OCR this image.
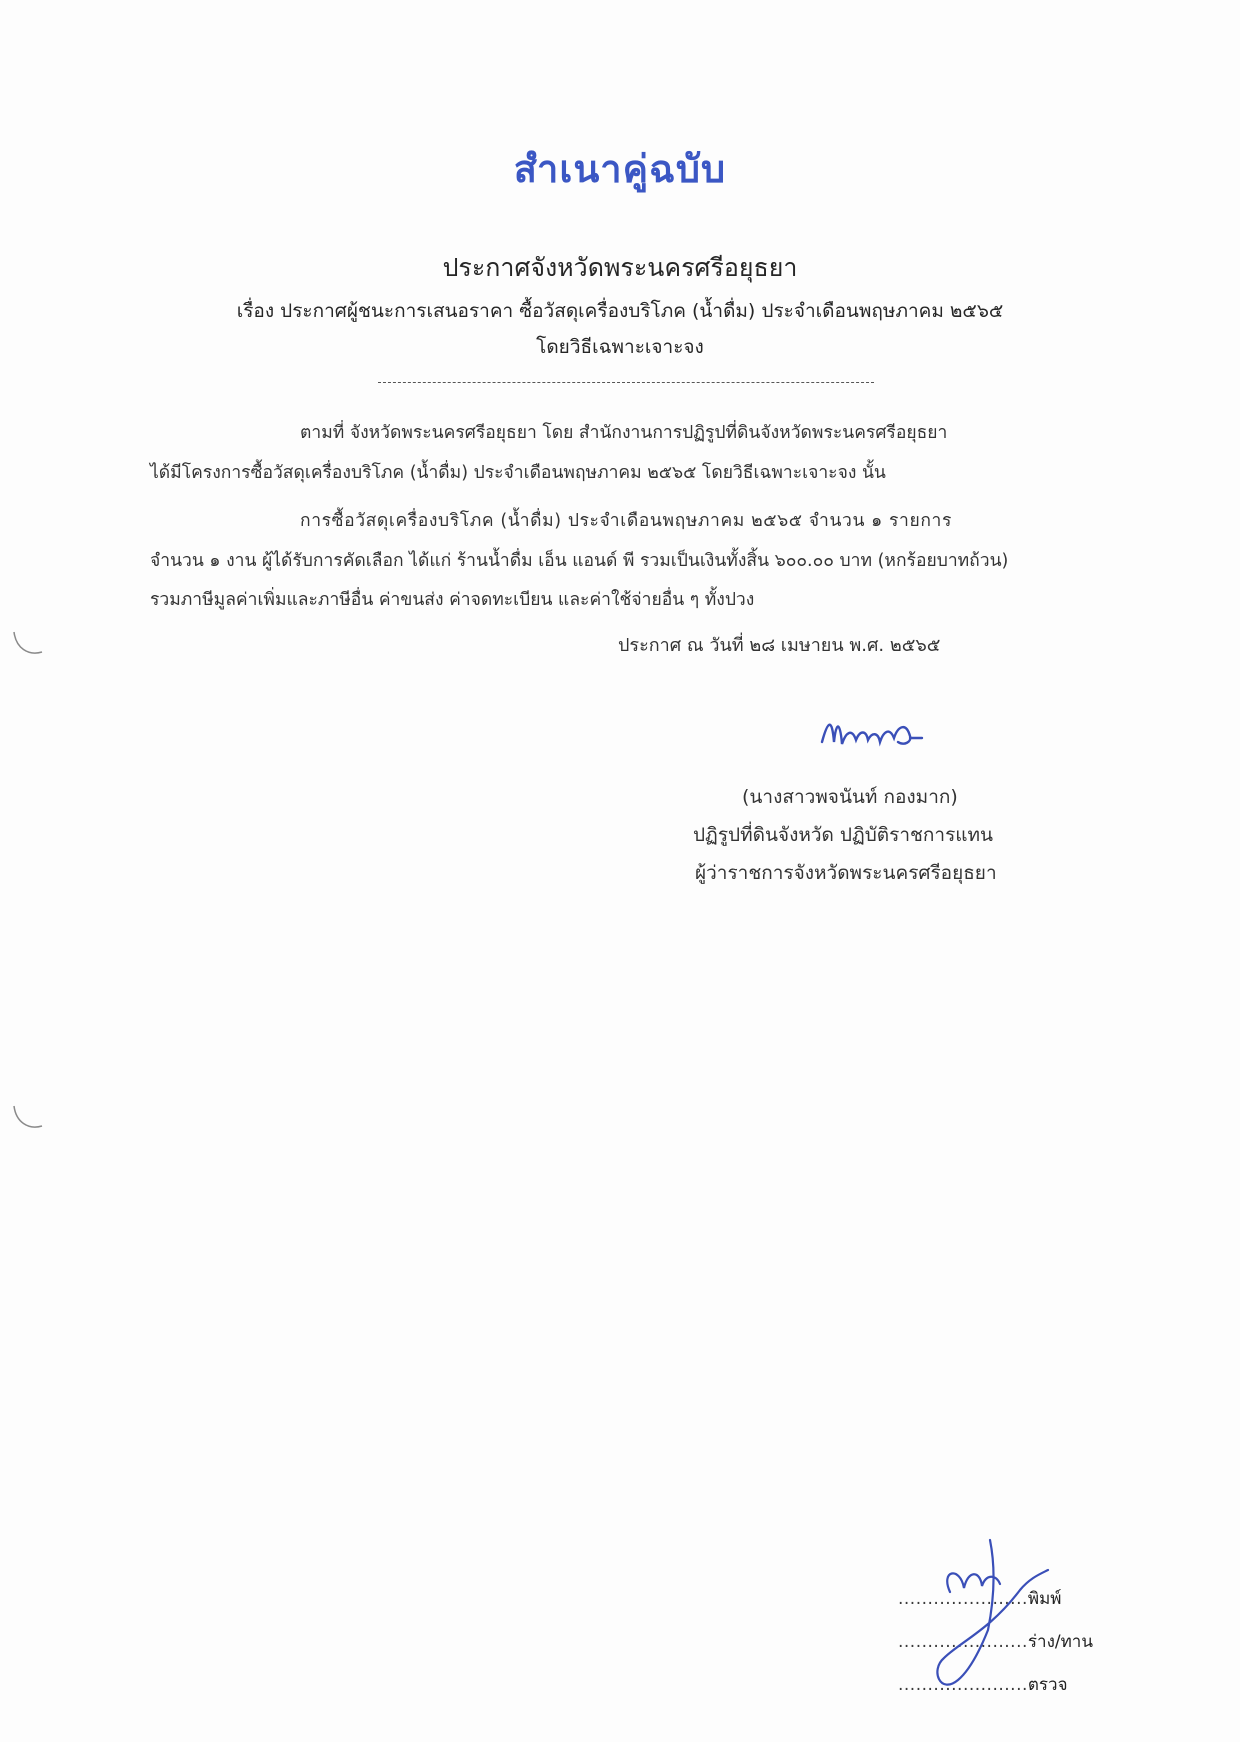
สำเนาคู่ฉบับ
ประกาศจังหวัดพระนครศรีอยุธยา
เรื่อง ประกาศผู้ชนะการเสนอราคา ซื้อวัสดุเครื่องบริโภค (น้ำดื่ม) ประจำเดือนพฤษภาคม ๒๕๖๕
โดยวิธีเฉพาะเจาะจง
ตามที่ จังหวัดพระนครศรีอยุธยา โดย สำนักงานการปฏิรูปที่ดินจังหวัดพระนครศรีอยุธยา
ได้มีโครงการซื้อวัสดุเครื่องบริโภค (น้ำดื่ม) ประจำเดือนพฤษภาคม ๒๕๖๕ โดยวิธีเฉพาะเจาะจง นั้น
การซื้อวัสดุเครื่องบริโภค (น้ำดื่ม) ประจำเดือนพฤษภาคม ๒๕๖๕ จำนวน ๑ รายการ
จำนวน ๑ งาน ผู้ได้รับการคัดเลือก ได้แก่ ร้านน้ำดื่ม เอ็น แอนด์ พี รวมเป็นเงินทั้งสิ้น ๖๐๐.๐๐ บาท (หกร้อยบาทถ้วน)
รวมภาษีมูลค่าเพิ่มและภาษีอื่น ค่าขนส่ง ค่าจดทะเบียน และค่าใช้จ่ายอื่น ๆ ทั้งปวง
ประกาศ ณ วันที่ ๒๘ เมษายน พ.ศ. ๒๕๖๕
(นางสาวพจนันท์ กองมาก)
ปฏิรูปที่ดินจังหวัด ปฏิบัติราชการแทน
ผู้ว่าราชการจังหวัดพระนครศรีอยุธยา
......................พิมพ์
......................ร่าง/ทาน
......................ตรวจ
